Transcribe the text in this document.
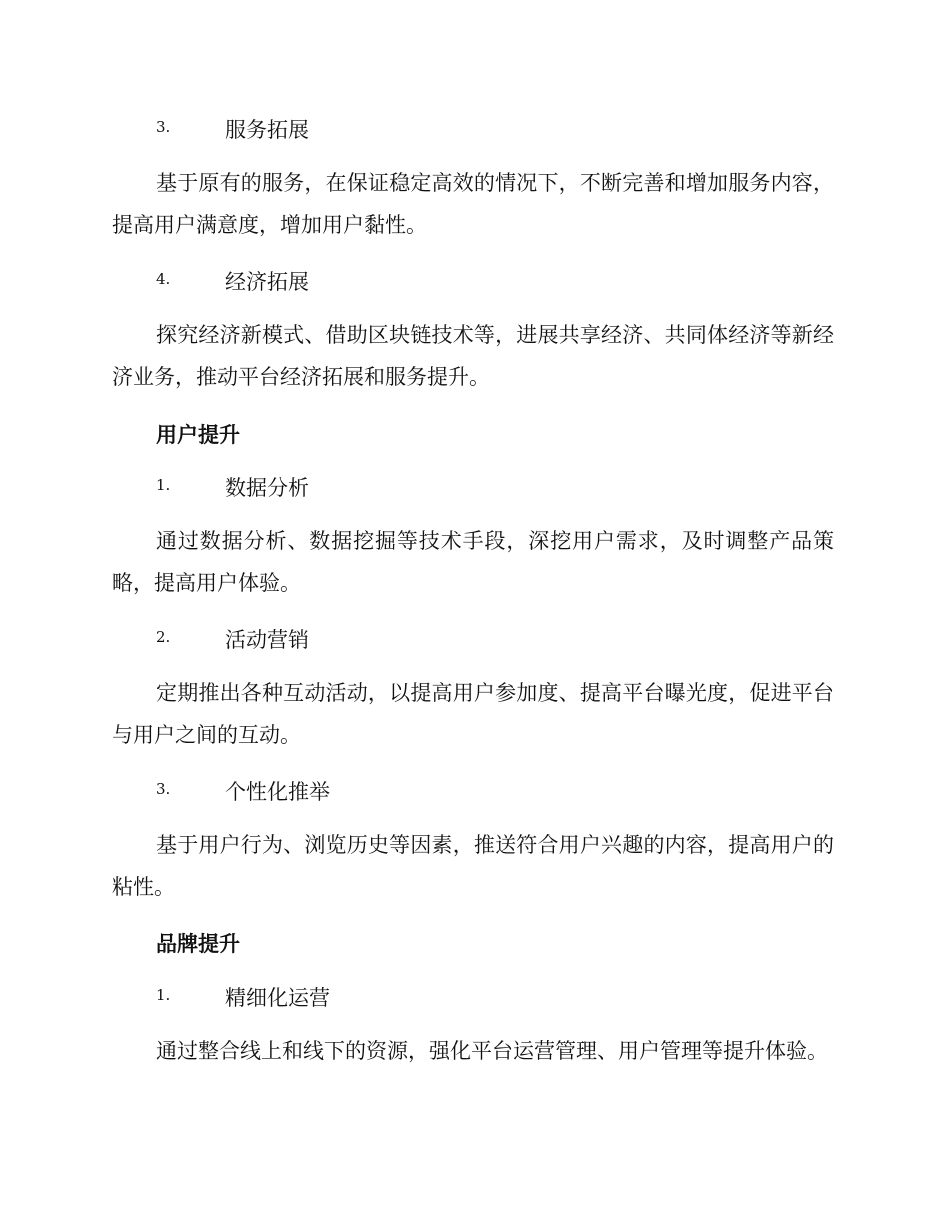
3.	服务拓展

基于原有的服务，在保证稳定高效的情况下，不断完善和增加服务内容，提高用户满意度，增加用户黏性。

4.	经济拓展

探究经济新模式、借助区块链技术等，进展共享经济、共同体经济等新经济业务，推动平台经济拓展和服务提升。

用户提升
1.	数据分析

通过数据分析、数据挖掘等技术手段，深挖用户需求，及时调整产品策略，提高用户体验。

2.	活动营销

定期推出各种互动活动，以提高用户参加度、提高平台曝光度，促进平台与用户之间的互动。

3.	个性化推举

基于用户行为、浏览历史等因素，推送符合用户兴趣的内容，提高用户的粘性。

品牌提升
1.	精细化运营

通过整合线上和线下的资源，强化平台运营管理、用户管理等提升体验。
